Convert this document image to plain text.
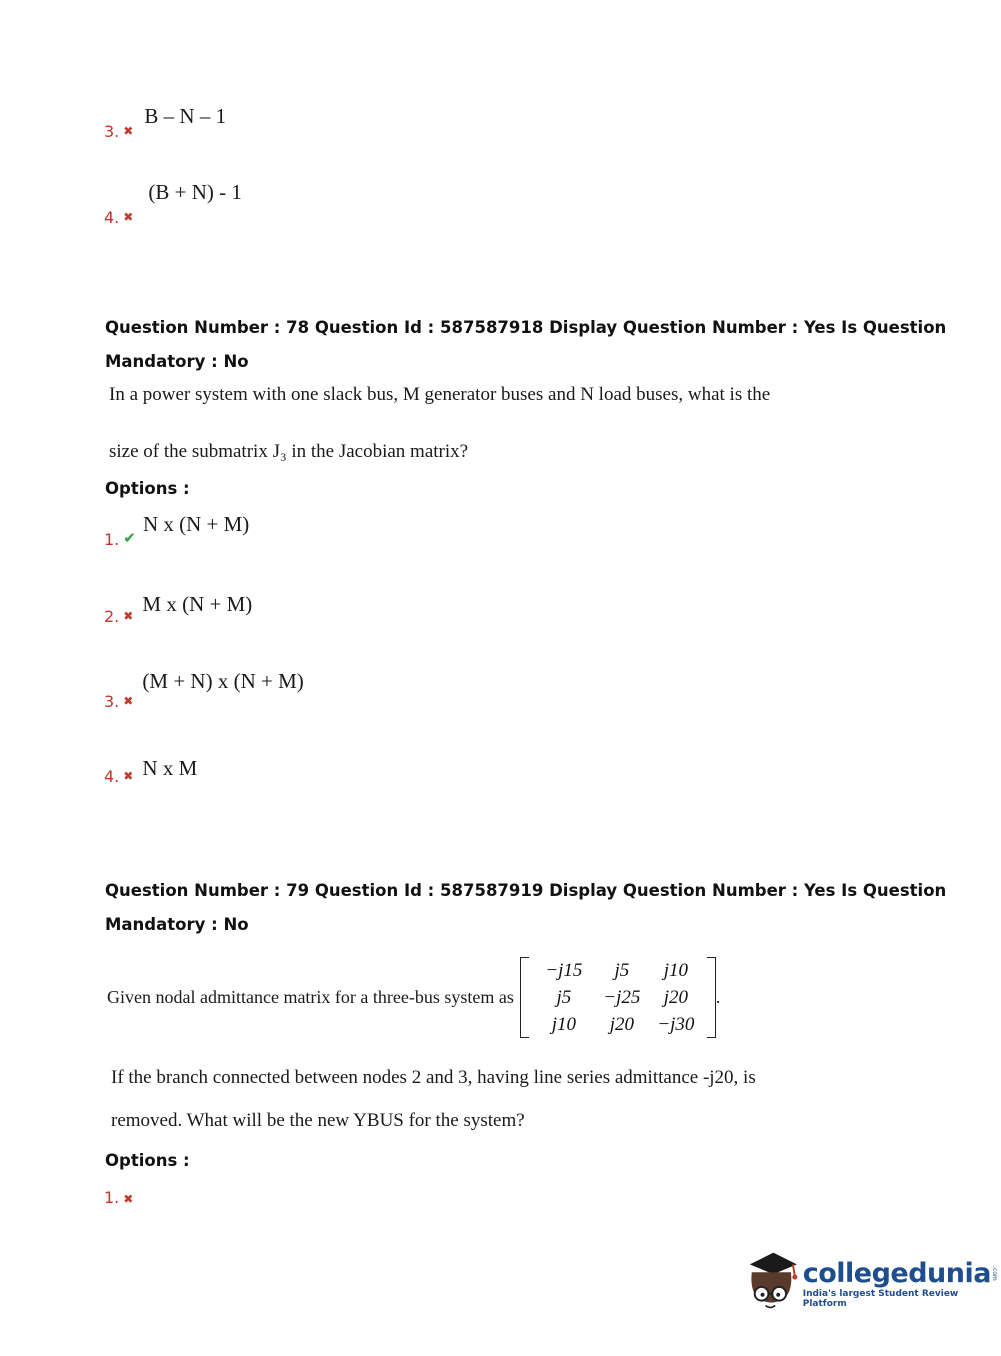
3. $_✖$ B – N – 1
4. $_✖$ (B + N) - 1
Question Number : 78 Question Id : 587587918 Display Question Number : Yes Is Question
Mandatory : No
In a power system with one slack bus, M generator buses and N load buses, what is the
size of the submatrix J₃ in the Jacobian matrix?
Options :
1. ✔ N x (N + M)
2. $_✖$ M x (N + M)
3. $_✖$ (M + N) x (N + M)
4. $_✖$ N x M
Question Number : 79 Question Id : 587587919 Display Question Number : Yes Is Question
Mandatory : No
Given nodal admittance matrix for a three-bus system as
−j15	j5	j10
j5	−j25	j20
j10	j20	−j30
.
If the branch connected between nodes 2 and 3, having line series admittance -j20, is
removed. What will be the new YBUS for the system?
Options :
1. ✖
collegedunia .com
India's largest Student Review Platform
